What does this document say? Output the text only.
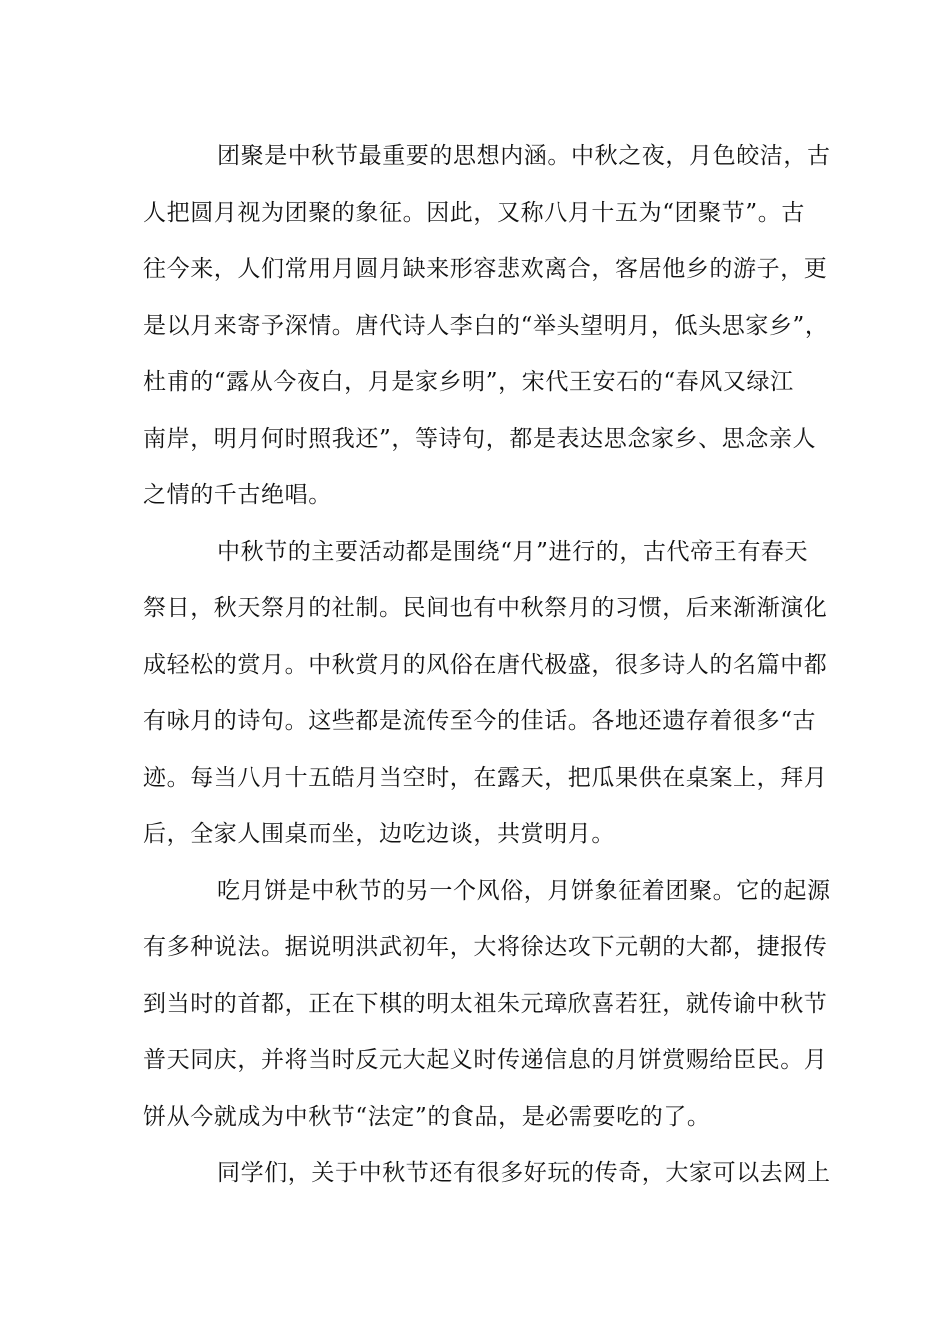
团聚是中秋节最重要的思想内涵。中秋之夜，月色皎洁，古
人把圆月视为团聚的象征。因此，又称八月十五为“团聚节”。古
往今来，人们常用月圆月缺来形容悲欢离合，客居他乡的游子，更
是以月来寄予深情。唐代诗人李白的“举头望明月，低头思家乡”，
杜甫的“露从今夜白，月是家乡明”，宋代王安石的“春风又绿江
南岸，明月何时照我还”，等诗句，都是表达思念家乡、思念亲人
之情的千古绝唱。
中秋节的主要活动都是围绕“月”进行的，古代帝王有春天
祭日，秋天祭月的社制。民间也有中秋祭月的习惯，后来渐渐演化
成轻松的赏月。中秋赏月的风俗在唐代极盛，很多诗人的名篇中都
有咏月的诗句。这些都是流传至今的佳话。各地还遗存着很多“古
迹。每当八月十五皓月当空时，在露天，把瓜果供在桌案上，拜月
后，全家人围桌而坐，边吃边谈，共赏明月。
吃月饼是中秋节的另一个风俗，月饼象征着团聚。它的起源
有多种说法。据说明洪武初年，大将徐达攻下元朝的大都，捷报传
到当时的首都，正在下棋的明太祖朱元璋欣喜若狂，就传谕中秋节
普天同庆，并将当时反元大起义时传递信息的月饼赏赐给臣民。月
饼从今就成为中秋节“法定”的食品，是必需要吃的了。
同学们，关于中秋节还有很多好玩的传奇，大家可以去网上
